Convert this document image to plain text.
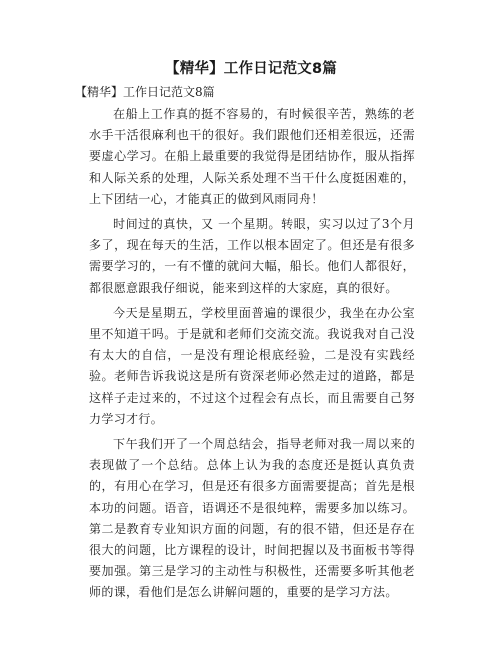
【精华】工作日记范文8篇
【精华】工作日记范文8篇

在船上工作真的挺不容易的，有时候很辛苦，熟练的老水手干活很麻利也干的很好。我们跟他们还相差很远，还需要虚心学习。在船上最重要的我觉得是团结协作，服从指挥和人际关系的处理，人际关系处理不当干什么度挺困难的，上下团结一心，才能真正的做到风雨同舟！

时间过的真快，又 一个星期。转眼，实习以过了3个月多了，现在每天的生活，工作以根本固定了。但还是有很多需要学习的，一有不懂的就问大幅，船长。他们人都很好，都很愿意跟我仔细说，能来到这样的大家庭，真的很好。

今天是星期五，学校里面普遍的课很少，我坐在办公室里不知道干吗。于是就和老师们交流交流。我说我对自己没有太大的自信，一是没有理论根底经验，二是没有实践经验。老师告诉我说这是所有资深老师必然走过的道路，都是这样子走过来的，不过这个过程会有点长，而且需要自己努力学习才行。

下午我们开了一个周总结会，指导老师对我一周以来的表现做了一个总结。总体上认为我的态度还是挺认真负责的，有用心在学习，但是还有很多方面需要提高；首先是根本功的问题。语音，语调还不是很纯粹，需要多加以练习。第二是教育专业知识方面的问题，有的很不错，但还是存在很大的问题，比方课程的设计，时间把握以及书面板书等得要加强。第三是学习的主动性与积极性，还需要多听其他老师的课，看他们是怎么讲解问题的，重要的是学习方法。
